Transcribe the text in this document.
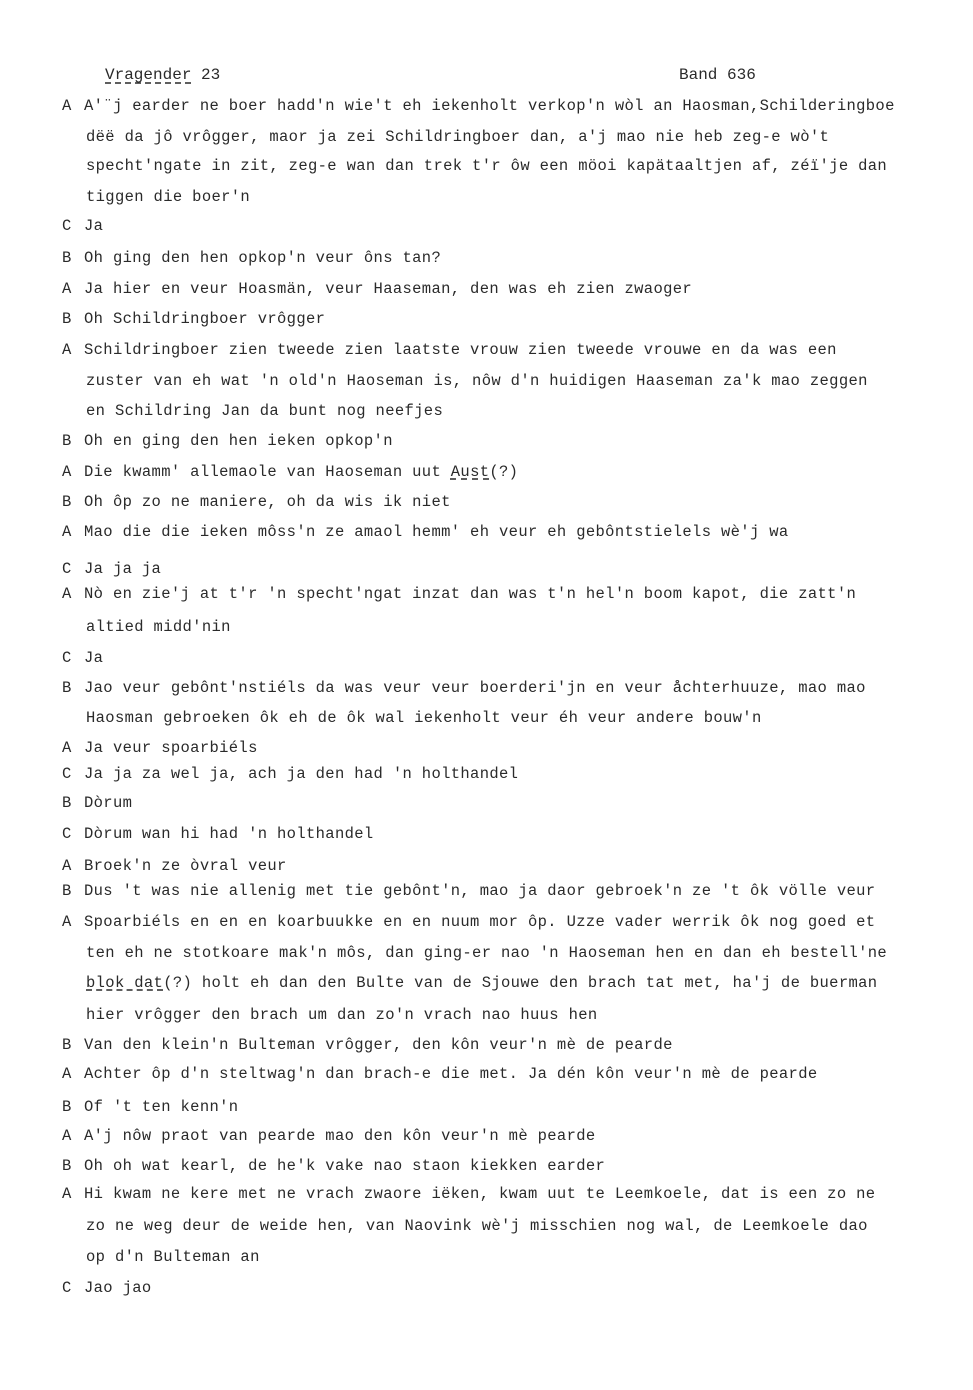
Vragender 23	Band 636
A A'¨j earder ne boer hadd'n wie't eh iekenholt verkop'n wòl an Haosman,Schilderingboe
dëë da jô vrôgger, maor ja zei Schildringboer dan, a'j mao nie heb zeg-e wò't
specht'ngate in zit, zeg-e wan dan trek t'r ôw een möoi kapätaaltjen af, zéï'je dan
tiggen die boer'n
C Ja
B Oh ging den hen opkop'n veur ôns tan?
A Ja hier en veur Hoasmän, veur Haaseman, den was eh zien zwaoger
B Oh Schildringboer vrôgger
A Schildringboer zien tweede zien laatste vrouw zien tweede vrouwe en da was een
zuster van eh wat 'n old'n Haoseman is, nôw d'n huidigen Haaseman za'k mao zeggen
en Schildring Jan da bunt nog neefjes
B Oh en ging den hen ieken opkop'n
A Die kwamm' allemaole van Haoseman uut Aust(?)
B Oh ôp zo ne maniere, oh da wis ik niet
A Mao die die ieken môss'n ze amaol hemm' eh veur eh gebôntstielels wè'j wa
C Ja ja ja
A Nò en zie'j at t'r 'n specht'ngat inzat dan was t'n hel'n boom kapot, die zatt'n
altied midd'nin
C Ja
B Jao veur gebônt'nstiéls da was veur veur boerderi'jn en veur åchterhuuze, mao mao
Haosman gebroeken ôk eh de ôk wal iekenholt veur éh veur andere bouw'n
A Ja veur spoarbiéls
C Ja ja za wel ja, ach ja den had 'n holthandel
B Dòrum
C Dòrum wan hi had 'n holthandel
A Broek'n ze òvral veur
B Dus 't was nie allenig met tie gebônt'n, mao ja daor gebroek'n ze 't ôk völle veur
A Spoarbiéls en en en koarbuukke en en nuum mor ôp. Uzze vader werrik ôk nog goed et
ten eh ne stotkoare mak'n môs, dan ging-er nao 'n Haoseman hen en dan eh bestell'ne
blok dat(?) holt eh dan den Bulte van de Sjouwe den brach tat met, ha'j de buerman
hier vrôgger den brach um dan zo'n vrach nao huus hen
B Van den klein'n Bulteman vrôgger, den kôn veur'n mè de pearde
A Achter ôp d'n steltwag'n dan brach-e die met. Ja dén kôn veur'n mè de pearde
B Of 't ten kenn'n
A A'j nôw praot van pearde mao den kôn veur'n mè pearde
B Oh oh wat kearl, de he'k vake nao staon kiekken earder
A Hi kwam ne kere met ne vrach zwaore iëken, kwam uut te Leemkoele, dat is een zo ne
zo ne weg deur de weide hen, van Naovink wè'j misschien nog wal, de Leemkoele dao
op d'n Bulteman an
C Jao jao
